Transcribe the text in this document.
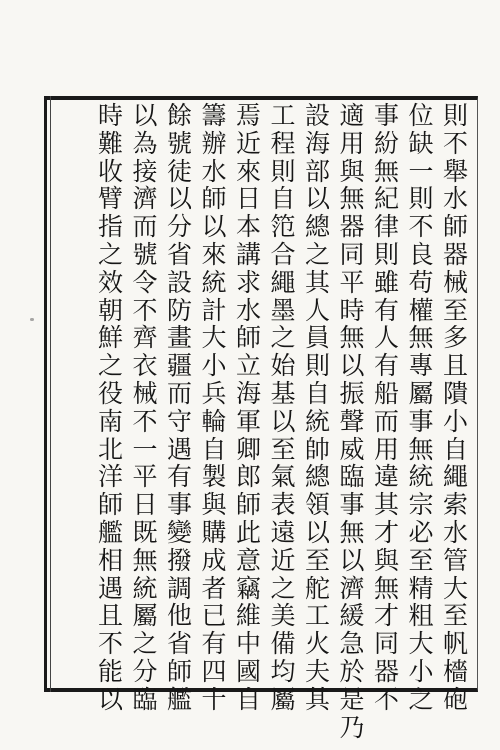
則不舉水師器械至多且隤小自繩索水管大至帆檣砲
位缺一則不良苟權無專屬事無統宗必至精粗大小之
事紛無紀律則雖有人有船而用違其才與無才同器不
適用與無器同平時無以振聲威臨事無以濟緩急於是乃
設海部以總之其人員則自統帥總領以至舵工火夫其
工程則自笵合繩墨之始基以至氣表遠近之美備均屬
焉近來日本講求水師立海軍卿郎師此意竊維中國自
籌辦水師以來統計大小兵輪自製與購成者已有四十
餘號徒以分省設防畫疆而守遇有事變撥調他省師艦
以為接濟而號令不齊衣械不一平日既無統屬之分臨
時難收臂指之效朝鮮之役南北洋師艦相遇且不能以
